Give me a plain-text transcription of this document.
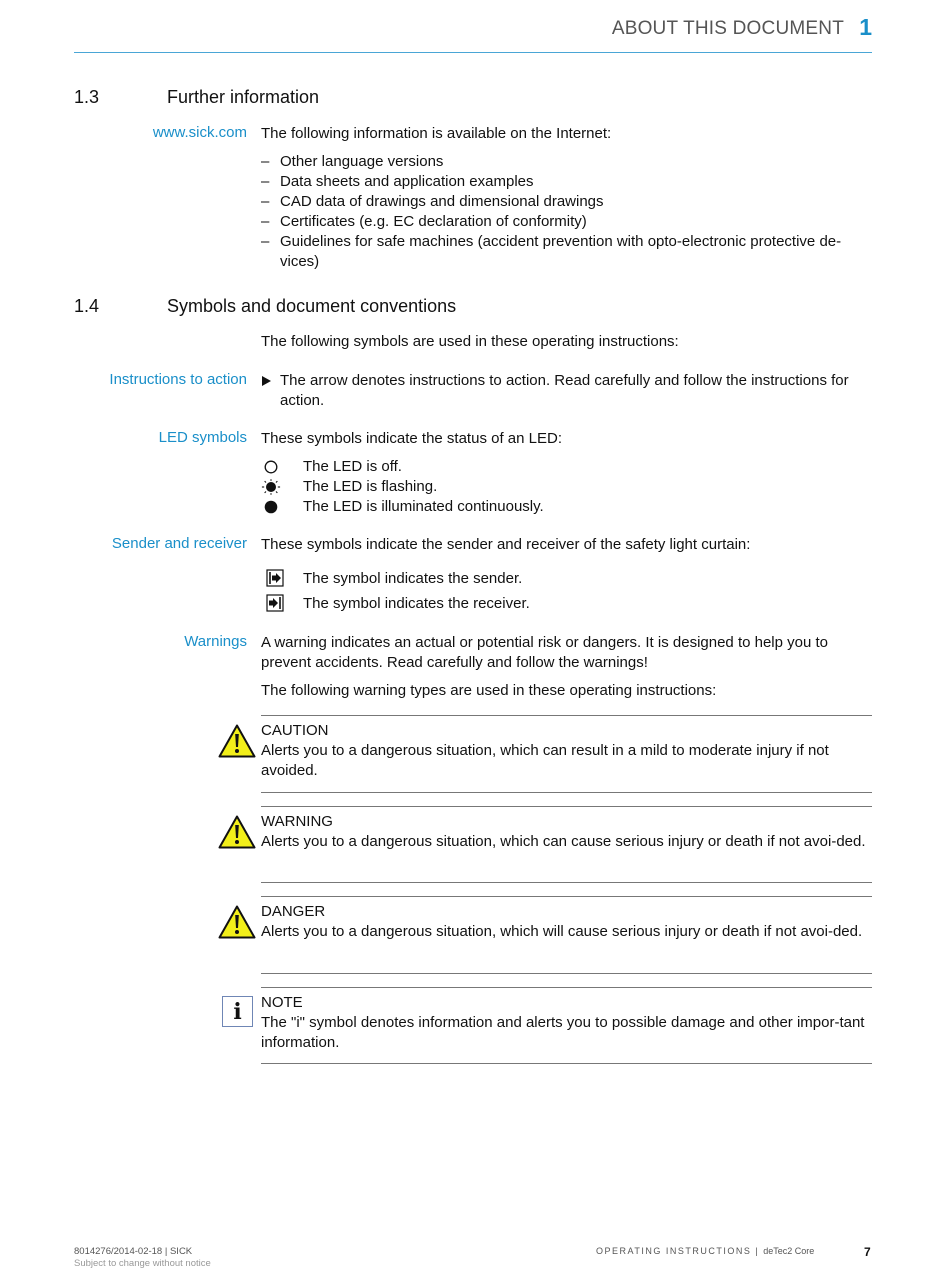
ABOUT THIS DOCUMENT 1
1.3	Further information
www.sick.com The following information is available on the Internet:
– Other language versions
– Data sheets and application examples
– CAD data of drawings and dimensional drawings
– Certificates (e.g. EC declaration of conformity)
– Guidelines for safe machines (accident prevention with opto-electronic protective de-vices)
1.4	Symbols and document conventions
The following symbols are used in these operating instructions:
Instructions to action The arrow denotes instructions to action. Read carefully and follow the instructions for action.
LED symbols These symbols indicate the status of an LED:
The LED is off.
The LED is flashing.
The LED is illuminated continuously.
Sender and receiver These symbols indicate the sender and receiver of the safety light curtain:
The symbol indicates the sender.
The symbol indicates the receiver.
Warnings A warning indicates an actual or potential risk or dangers. It is designed to help you to prevent accidents. Read carefully and follow the warnings!
The following warning types are used in these operating instructions:
CAUTION
Alerts you to a dangerous situation, which can result in a mild to moderate injury if not avoided.
WARNING
Alerts you to a dangerous situation, which can cause serious injury or death if not avoi-ded.
DANGER
Alerts you to a dangerous situation, which will cause serious injury or death if not avoi-ded.
i	NOTE
The "i" symbol denotes information and alerts you to possible damage and other impor-tant information.
8014276/2014-02-18 | SICK
Subject to change without notice
OPERATING INSTRUCTIONS | deTec2 Core	7
